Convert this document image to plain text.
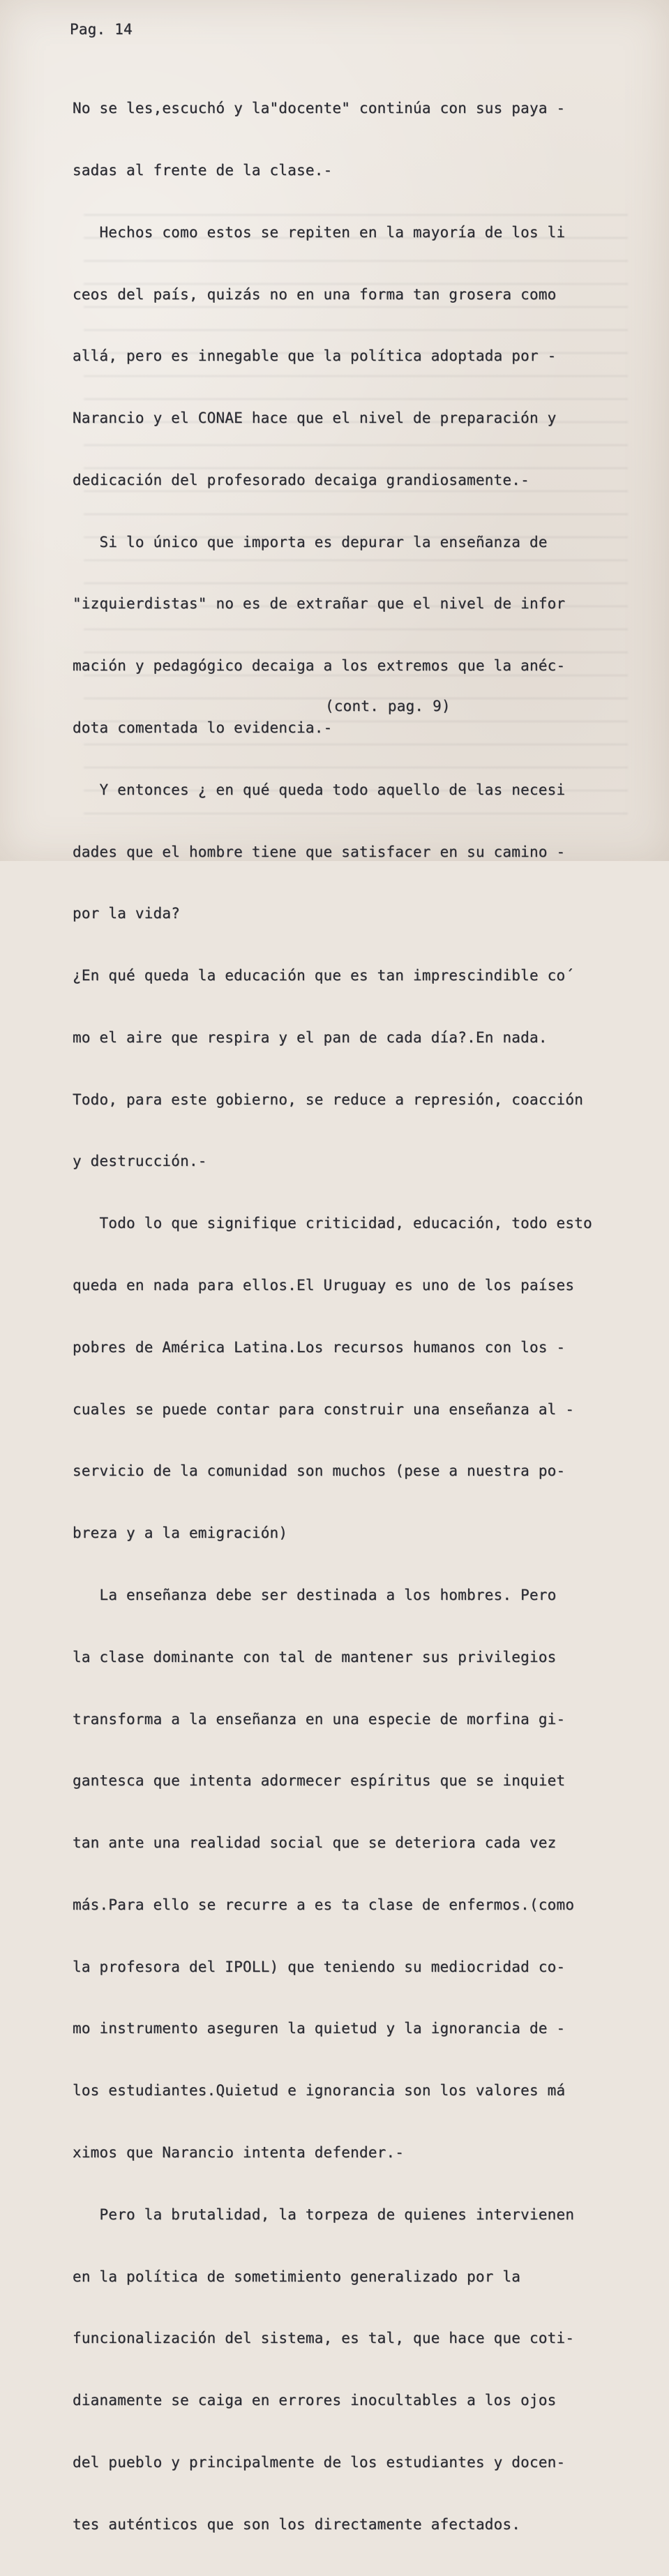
Pag. 14

No se les,escuchó y la"docente" continúa con sus paya -

sadas al frente de la clase.-

Hechos como estos se repiten en la mayoría de los li

ceos del país, quizás no en una forma tan grosera como

allá, pero es innegable que la política adoptada por -

Narancio y el CONAE hace que el nivel de preparación y

dedicación del profesorado decaiga grandiosamente.-

Si lo único que importa es depurar la enseñanza de

"izquierdistas" no es de extrañar que el nivel de infor

mación y pedagógico decaiga a los extremos que la anéc-

dota comentada lo evidencia.-

Y entonces ¿ en qué queda todo aquello de las necesi

dades que el hombre tiene que satisfacer en su camino -

por la vida?

¿En qué queda la educación que es tan imprescindible co´

mo el aire que respira y el pan de cada día?.En nada.

Todo, para este gobierno, se reduce a represión, coacción

y destrucción.-

Todo lo que signifique criticidad, educación, todo esto

queda en nada para ellos.El Uruguay es uno de los países

pobres de América Latina.Los recursos humanos con los -

cuales se puede contar para construir una enseñanza al -

servicio de la comunidad son muchos (pese a nuestra po-

breza y a la emigración)

La enseñanza debe ser destinada a los hombres. Pero

la clase dominante con tal de mantener sus privilegios

transforma a la enseñanza en una especie de morfina gi-

gantesca que intenta adormecer espíritus que se inquiet

tan ante una realidad social que se deteriora cada vez

más.Para ello se recurre a es ta clase de enfermos.(como

la profesora del IPOLL) que teniendo su mediocridad co-

mo instrumento aseguren la quietud y la ignorancia de -

los estudiantes.Quietud e ignorancia son los valores má

ximos que Narancio intenta defender.-

Pero la brutalidad, la torpeza de quienes intervienen

en la política de sometimiento generalizado por la

funcionalización del sistema, es tal, que hace que coti-

dianamente se caiga en errores inocultables a los ojos

del pueblo y principalmente de los estudiantes y docen-

tes auténticos que son los directamente afectados.

(cont. pag. 9)
